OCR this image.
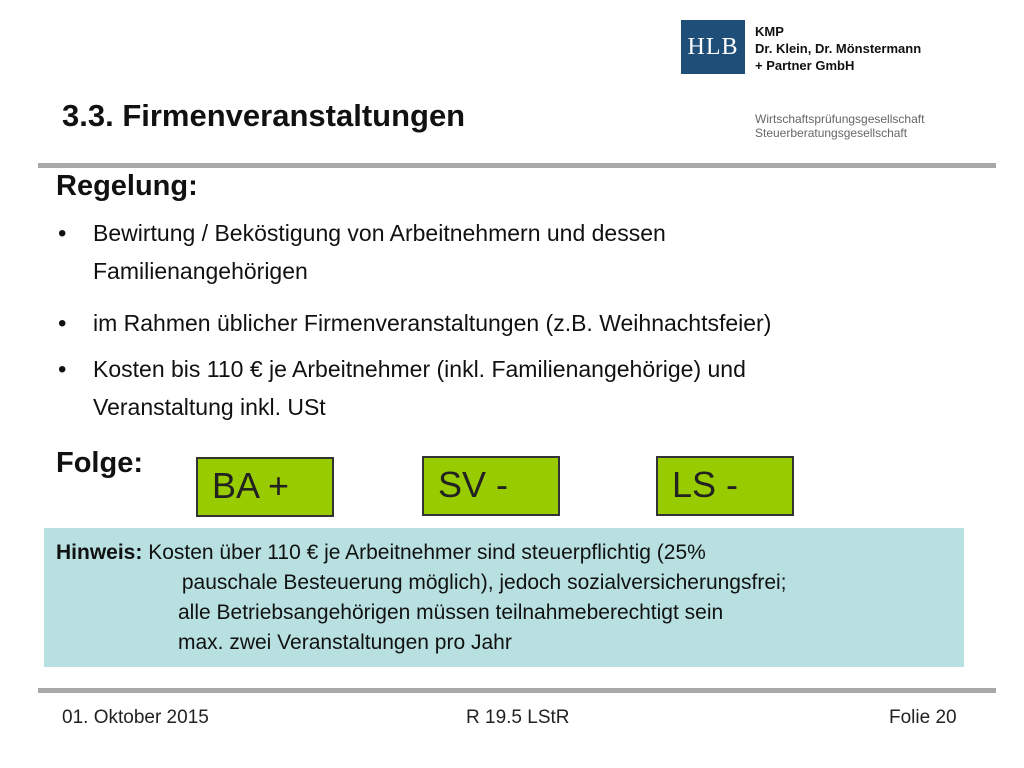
HLB
KMP
Dr. Klein, Dr. Mönstermann
+ Partner GmbH
Wirtschaftsprüfungsgesellschaft
Steuerberatungsgesellschaft
3.3. Firmenveranstaltungen
Regelung:
• Bewirtung / Beköstigung von Arbeitnehmern und dessen
Familienangehörigen
• im Rahmen üblicher Firmenveranstaltungen (z.B. Weihnachtsfeier)
• Kosten bis 110 € je Arbeitnehmer (inkl. Familienangehörige) und
Veranstaltung inkl. USt
Folge:
BA +	SV -	LS -
Hinweis: Kosten über 110 € je Arbeitnehmer sind steuerpflichtig (25%
pauschale Besteuerung möglich), jedoch sozialversicherungsfrei;
alle Betriebsangehörigen müssen teilnahmeberechtigt sein
max. zwei Veranstaltungen pro Jahr
01. Oktober 2015	R 19.5 LStR	Folie 20
